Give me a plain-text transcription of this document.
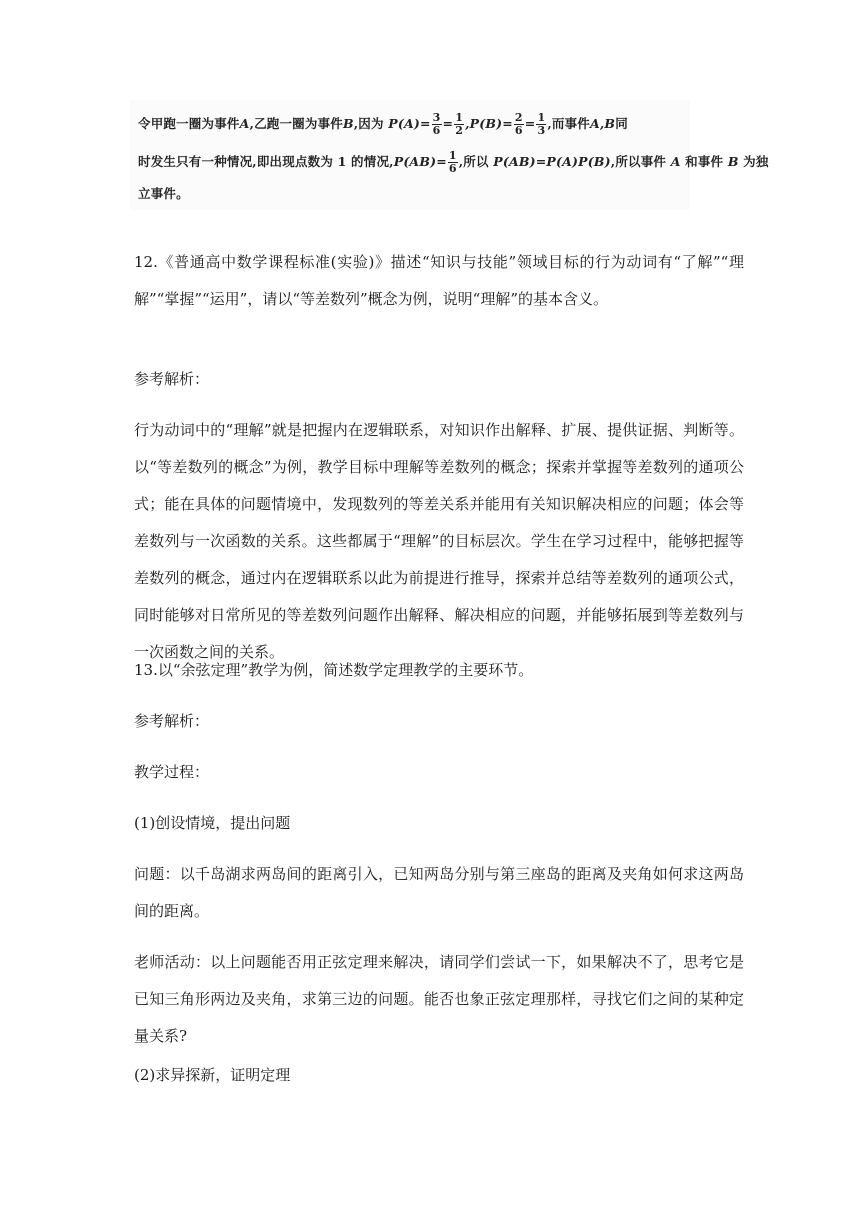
令甲跑一圈为事件A,乙跑一圈为事件B,因为 $P(A)= \frac{3}{6} = \frac{1}{2} ,P(B)= \frac{2}{6} = \frac{1}{3}$ ,而事件A,B同
时发生只有一种情况,即出现点数为 1 的情况$,P(AB)= \frac{1}{6}$ ,所以 P(AB)=P(A)P(B),所以事件 A 和事件 B 为独
立事件。

12.《普通高中数学课程标准(实验)》描述“知识与技能”领域目标的行为动词有“了解”“理解”“掌握”“运用”，请以“等差数列”概念为例，说明“理解”的基本含义。

参考解析：

行为动词中的“理解”就是把握内在逻辑联系，对知识作出解释、扩展、提供证据、判断等。以“等差数列的概念”为例，教学目标中理解等差数列的概念；探索并掌握等差数列的通项公式；能在具体的问题情境中，发现数列的等差关系并能用有关知识解决相应的问题；体会等差数列与一次函数的关系。这些都属于“理解”的目标层次。学生在学习过程中，能够把握等差数列的概念，通过内在逻辑联系以此为前提进行推导，探索并总结等差数列的通项公式，同时能够对日常所见的等差数列问题作出解释、解决相应的问题，并能够拓展到等差数列与一次函数之间的关系。

13.以“余弦定理”教学为例，简述数学定理教学的主要环节。

参考解析：

教学过程：

(1)创设情境，提出问题

问题：以千岛湖求两岛间的距离引入，已知两岛分别与第三座岛的距离及夹角如何求这两岛间的距离。

老师活动：以上问题能否用正弦定理来解决，请同学们尝试一下，如果解决不了，思考它是已知三角形两边及夹角，求第三边的问题。能否也象正弦定理那样，寻找它们之间的某种定量关系?

(2)求异探新，证明定理
